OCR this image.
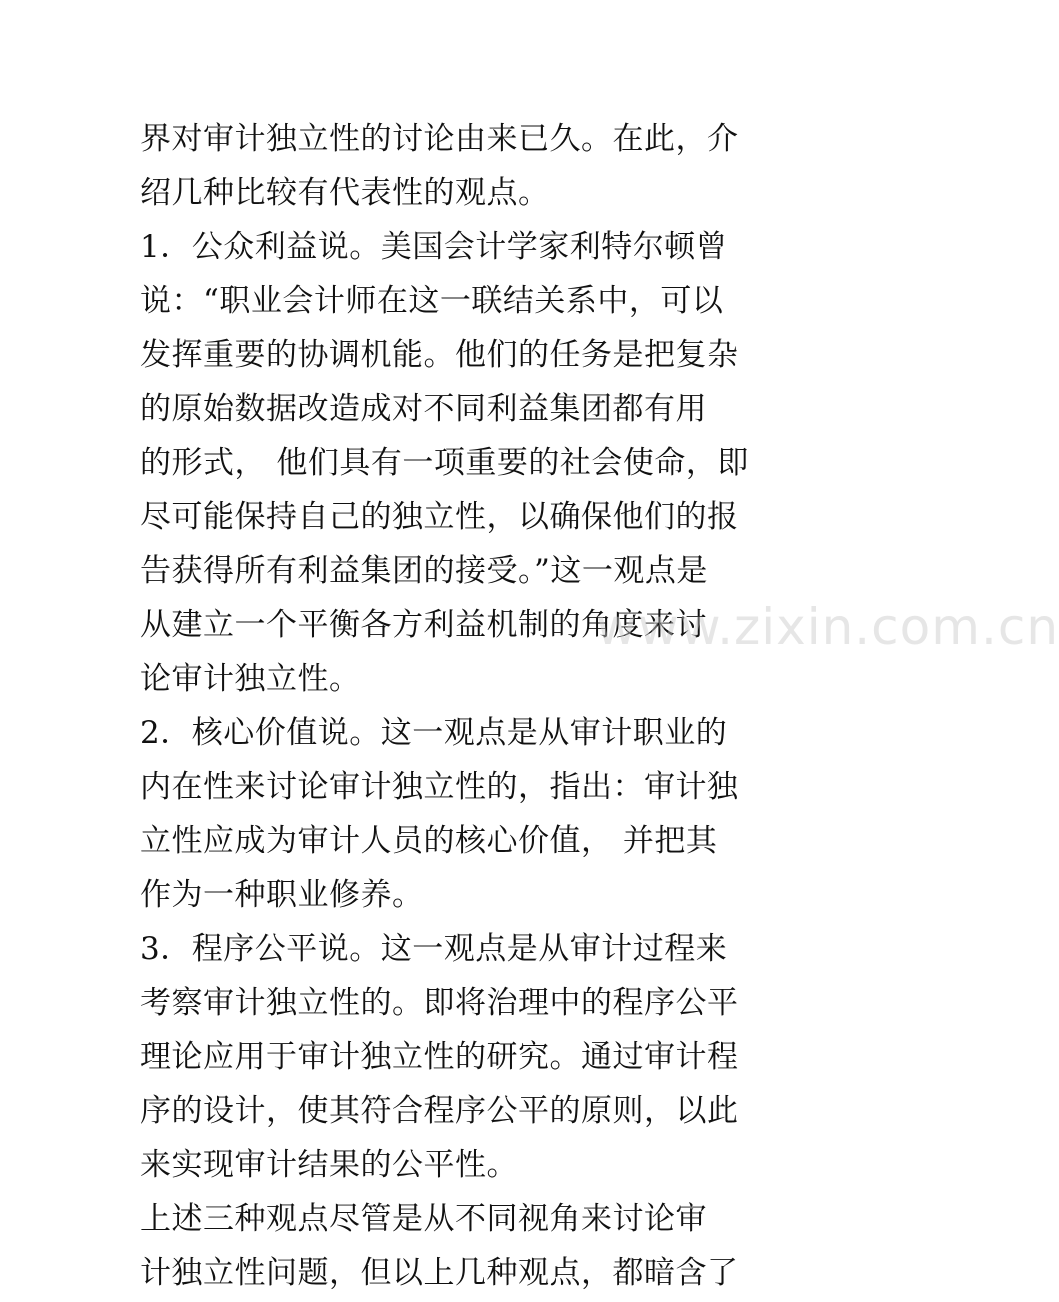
界对审计独立性的讨论由来已久。在此，介
绍几种比较有代表性的观点。
1．公众利益说。美国会计学家利特尔顿曾
说：“职业会计师在这一联结关系中，可以
发挥重要的协调机能。他们的任务是把复杂
的原始数据改造成对不同利益集团都有用
的形式， 他们具有一项重要的社会使命，即
尽可能保持自己的独立性，以确保他们的报
告获得所有利益集团的接受。”这一观点是
从建立一个平衡各方利益机制的角度来讨
论审计独立性。
2．核心价值说。这一观点是从审计职业的
内在性来讨论审计独立性的，指出：审计独
立性应成为审计人员的核心价值， 并把其
作为一种职业修养。
3．程序公平说。这一观点是从审计过程来
考察审计独立性的。即将治理中的程序公平
理论应用于审计独立性的研究。通过审计程
序的设计，使其符合程序公平的原则，以此
来实现审计结果的公平性。
上述三种观点尽管是从不同视角来讨论审
计独立性问题，但以上几种观点，都暗含了
www.zixin.com.cn
